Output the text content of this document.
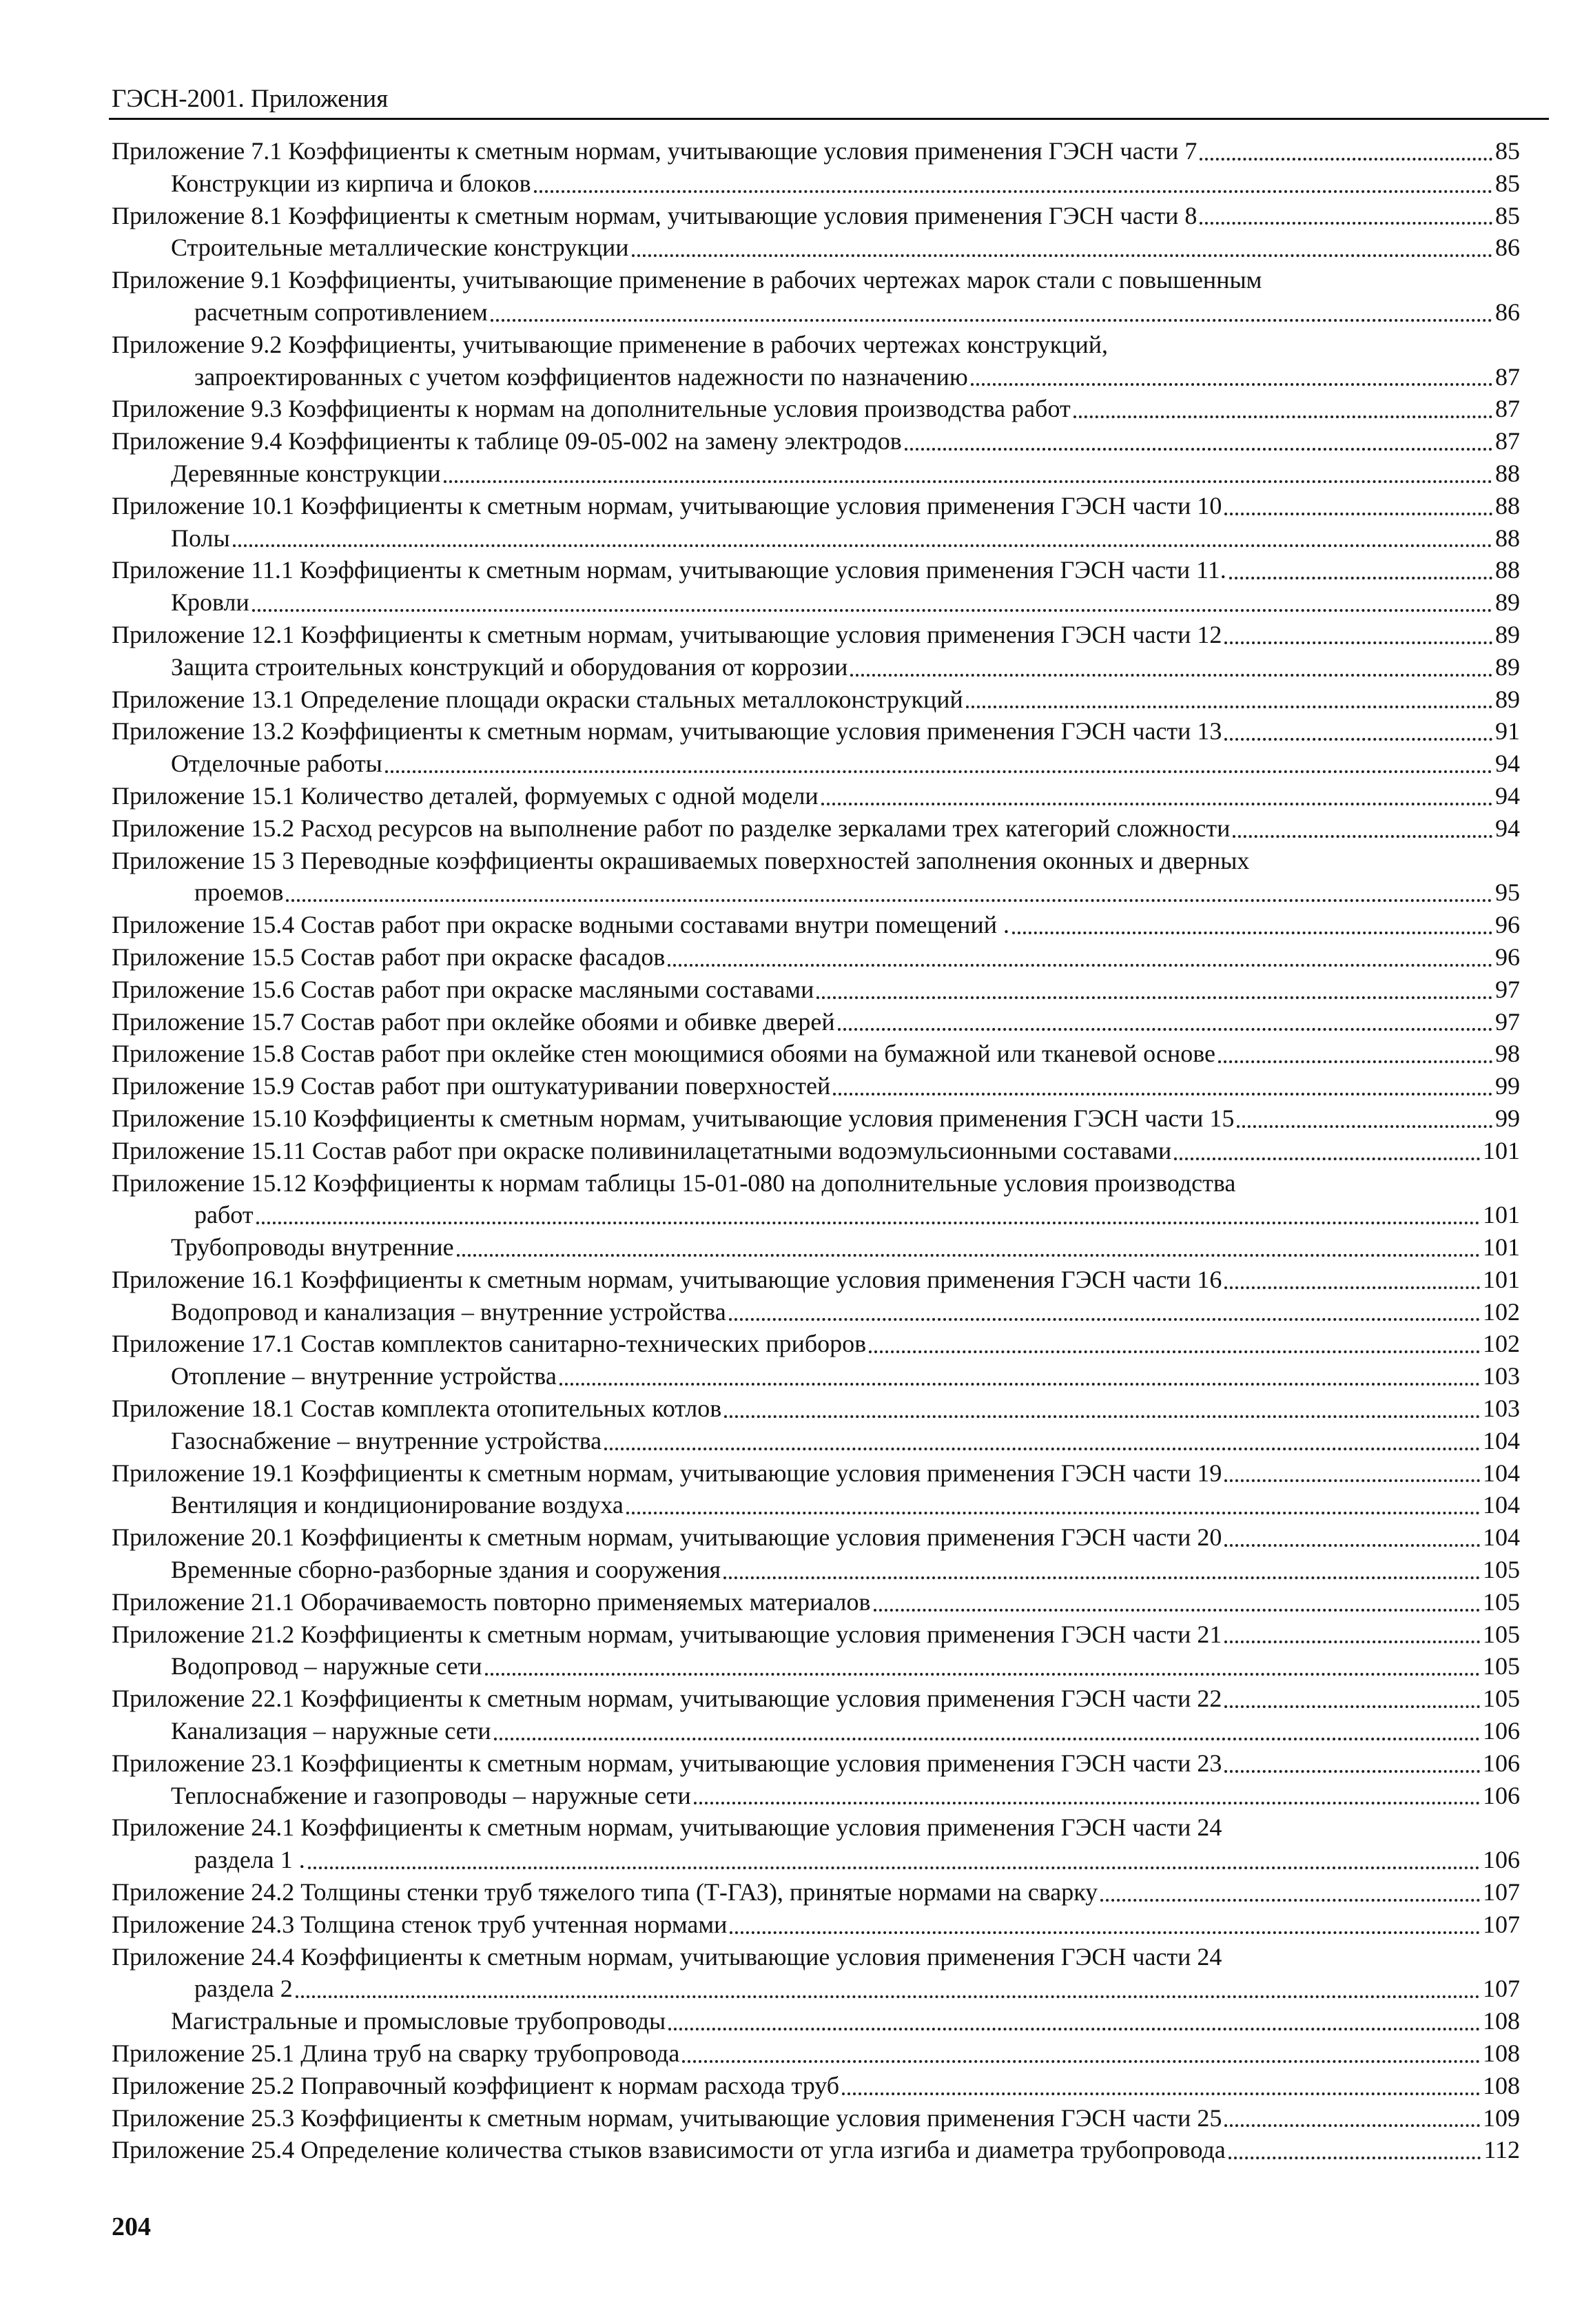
ГЭСН-2001. Приложения
Приложение 7.1 Коэффициенты к сметным нормам, учитывающие условия применения ГЭСН части 7	85
Конструкции из кирпича и блоков	85
Приложение 8.1 Коэффициенты к сметным нормам, учитывающие условия применения ГЭСН части 8	85
Строительные металлические конструкции	86
Приложение 9.1 Коэффициенты, учитывающие применение в рабочих чертежах марок стали с повышенным
расчетным сопротивлением	86
Приложение 9.2 Коэффициенты, учитывающие применение в рабочих чертежах конструкций,
запроектированных с учетом коэффициентов надежности по назначению	87
Приложение 9.3 Коэффициенты к нормам на дополнительные условия производства работ	87
Приложение 9.4 Коэффициенты к таблице 09-05-002 на замену электродов	87
Деревянные конструкции	88
Приложение 10.1 Коэффициенты к сметным нормам, учитывающие условия применения ГЭСН части 10	88
Полы	88
Приложение 11.1 Коэффициенты к сметным нормам, учитывающие условия применения ГЭСН части 11.	88
Кровли	89
Приложение 12.1 Коэффициенты к сметным нормам, учитывающие условия применения ГЭСН части 12	89
Защита строительных конструкций и оборудования от коррозии	89
Приложение 13.1 Определение площади окраски стальных металлоконструкций	89
Приложение 13.2 Коэффициенты к сметным нормам, учитывающие условия применения ГЭСН части 13	91
Отделочные работы	94
Приложение 15.1 Количество деталей, формуемых с одной модели	94
Приложение 15.2 Расход ресурсов на выполнение работ по разделке зеркалами трех категорий сложности	94
Приложение 15 3 Переводные коэффициенты окрашиваемых поверхностей заполнения оконных и дверных
проемов	95
Приложение 15.4 Состав работ при окраске водными составами внутри помещений .	96
Приложение 15.5 Состав работ при окраске фасадов	96
Приложение 15.6 Состав работ при окраске масляными составами	97
Приложение 15.7 Состав работ при оклейке обоями и обивке дверей	97
Приложение 15.8 Состав работ при оклейке стен моющимися обоями на бумажной или тканевой основе	98
Приложение 15.9 Состав работ при оштукатуривании поверхностей	99
Приложение 15.10 Коэффициенты к сметным нормам, учитывающие условия применения ГЭСН части 15	99
Приложение 15.11 Состав работ при окраске поливинилацетатными водоэмульсионными составами	101
Приложение 15.12 Коэффициенты к нормам таблицы 15-01-080 на дополнительные условия производства
работ	101
Трубопроводы внутренние	101
Приложение 16.1 Коэффициенты к сметным нормам, учитывающие условия применения ГЭСН части 16	101
Водопровод и канализация – внутренние устройства	102
Приложение 17.1 Состав комплектов санитарно-технических приборов	102
Отопление – внутренние устройства	103
Приложение 18.1 Состав комплекта отопительных котлов	103
Газоснабжение – внутренние устройства	104
Приложение 19.1 Коэффициенты к сметным нормам, учитывающие условия применения ГЭСН части 19	104
Вентиляция и кондиционирование воздуха	104
Приложение 20.1 Коэффициенты к сметным нормам, учитывающие условия применения ГЭСН части 20	104
Временные сборно-разборные здания и сооружения	105
Приложение 21.1 Оборачиваемость повторно применяемых материалов	105
Приложение 21.2 Коэффициенты к сметным нормам, учитывающие условия применения ГЭСН части 21	105
Водопровод – наружные сети	105
Приложение 22.1 Коэффициенты к сметным нормам, учитывающие условия применения ГЭСН части 22	105
Канализация – наружные сети	106
Приложение 23.1 Коэффициенты к сметным нормам, учитывающие условия применения ГЭСН части 23	106
Теплоснабжение и газопроводы – наружные сети	106
Приложение 24.1 Коэффициенты к сметным нормам, учитывающие условия применения ГЭСН части 24
раздела 1 .	106
Приложение 24.2 Толщины стенки труб тяжелого типа (Т-ГАЗ), принятые нормами на сварку	107
Приложение 24.3 Толщина стенок труб учтенная нормами	107
Приложение 24.4 Коэффициенты к сметным нормам, учитывающие условия применения ГЭСН части 24
раздела 2	107
Магистральные и промысловые трубопроводы	108
Приложение 25.1 Длина труб на сварку трубопровода	108
Приложение 25.2 Поправочный коэффициент к нормам расхода труб	108
Приложение 25.3 Коэффициенты к сметным нормам, учитывающие условия применения ГЭСН части 25	109
Приложение 25.4 Определение количества стыков взависимости от угла изгиба и диаметра трубопровода	112
204
